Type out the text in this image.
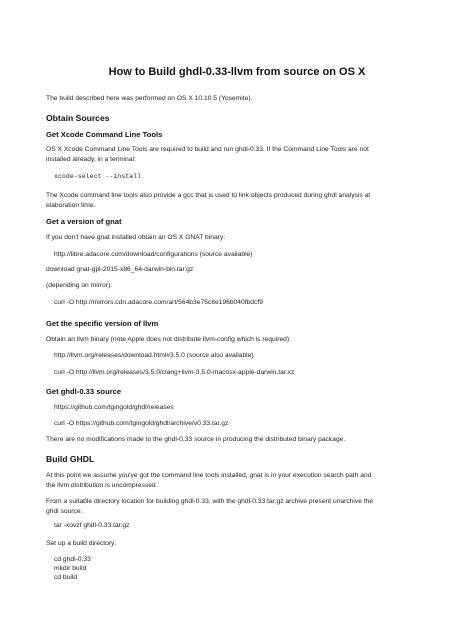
How to Build ghdl-0.33-llvm from source on OS X
The build described here was performed on OS X 10.10.5 (Yosemite).
Obtain Sources
Get Xcode Command Line Tools
OS X Xcode Command Line Tools are required to build and run ghdl-0.33. If the Command Line Tools are not
installed already, in a terminal:
xcode-select --install
The Xcode command line tools also provide a gcc that is used to link objects produced during ghdl analysis at
elaboration time.
Get a version of gnat
If you don't have gnat installed obtain an OS X GNAT binary:
http://libre.adacore.com/download/configurations (source available)
download gnat-gpl-2015-x86_64-darwin-bin.tar.gz
(depending on mirror):
curl -O http://mirrors.cdn.adacore.com/art/564b3e75c8e196b040fbdcf9
Get the specific version of llvm
Obtain an llvm binary (note Apple does not distribute llvm-config which is required):
http://llvm.org/releases/download.html#3.5.0 (source also available)
curl -O http://llvm.org/releases/3.5.0/clang+llvm-3.5.0-macosx-apple-darwin.tar.xz
Get ghdl-0.33 source
https://github.com/tgingold/ghdl/releases
curl -O https://github.com/tgingold/ghdl/archive/v0.33.tar.gz
There are no modifications made to the ghdl-0.33 source in producing the distributed binary package.
Build GHDL
At this point we assume you've got the command line tools installed, gnat is in your execution search path and
the llvm distribution is uncompressed.
From a suitable directory location for building ghdl-0.33, with the ghdl-0.33.tar.gz archive present unarchive the
ghdl source:
tar -xovzf ghdl-0.33.tar.gz
Set up a build directory:
cd ghdl-0.33
mkdir build
cd build
